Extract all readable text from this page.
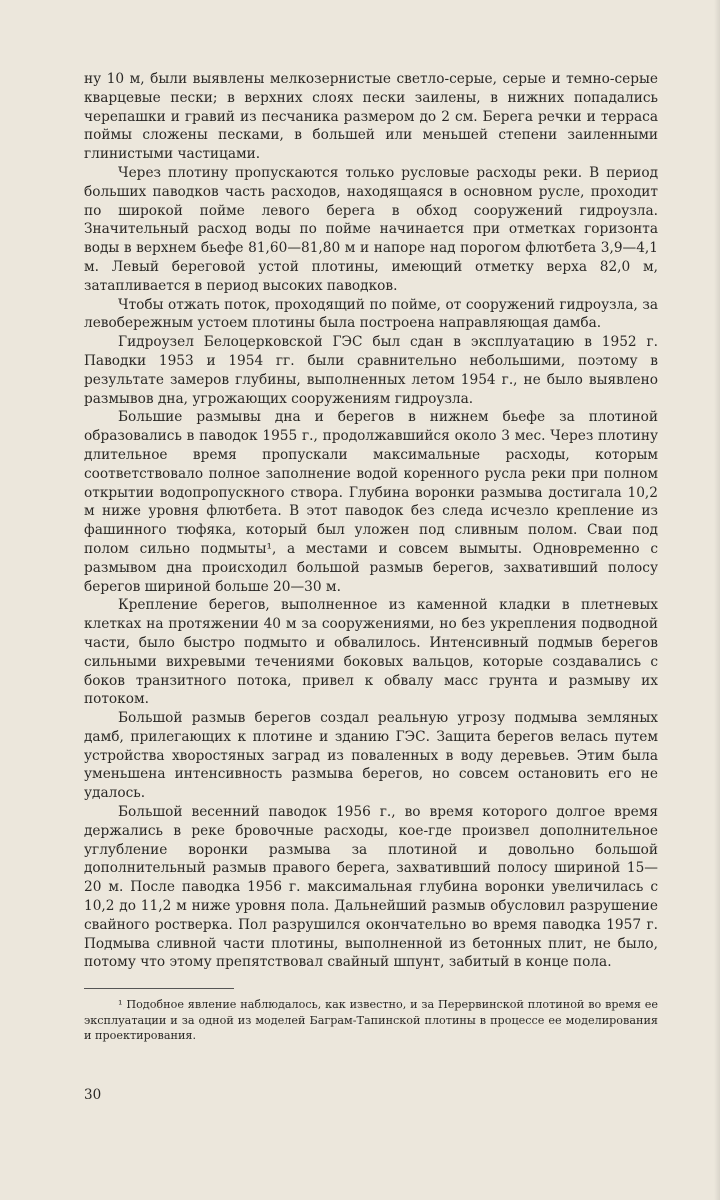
ну 10 м, были выявлены мелкозернистые светло-серые, серые и темно-серые кварцевые пески; в верхних слоях пески заилены, в нижних попадались черепашки и гравий из песчаника размером до 2 см. Берега речки и терраса поймы сложены песками, в большей или меньшей степени заиленными глинистыми частицами.

Через плотину пропускаются только русловые расходы реки. В период больших паводков часть расходов, находящаяся в основном русле, проходит по широкой пойме левого берега в обход сооружений гидроузла. Значительный расход воды по пойме начинается при отметках горизонта воды в верхнем бьефе 81,60—81,80 м и напоре над порогом флютбета 3,9—4,1 м. Левый береговой устой плотины, имеющий отметку верха 82,0 м, затапливается в период высоких паводков.

Чтобы отжать поток, проходящий по пойме, от сооружений гидроузла, за левобережным устоем плотины была построена направляющая дамба.

Гидроузел Белоцерковской ГЭС был сдан в эксплуатацию в 1952 г. Паводки 1953 и 1954 гг. были сравнительно небольшими, поэтому в результате замеров глубины, выполненных летом 1954 г., не было выявлено размывов дна, угрожающих сооружениям гидроузла.

Большие размывы дна и берегов в нижнем бьефе за плотиной образовались в паводок 1955 г., продолжавшийся около 3 мес. Через плотину длительное время пропускали максимальные расходы, которым соответствовало полное заполнение водой коренного русла реки при полном открытии водопропускного створа. Глубина воронки размыва достигала 10,2 м ниже уровня флютбета. В этот паводок без следа исчезло крепление из фашинного тюфяка, который был уложен под сливным полом. Сваи под полом сильно подмыты¹, а местами и совсем вымыты. Одновременно с размывом дна происходил большой размыв берегов, захвативший полосу берегов шириной больше 20—30 м.

Крепление берегов, выполненное из каменной кладки в плетневых клетках на протяжении 40 м за сооружениями, но без укрепления подводной части, было быстро подмыто и обвалилось. Интенсивный подмыв берегов сильными вихревыми течениями боковых вальцов, которые создавались с боков транзитного потока, привел к обвалу масс грунта и размыву их потоком.

Большой размыв берегов создал реальную угрозу подмыва земляных дамб, прилегающих к плотине и зданию ГЭС. Защита берегов велась путем устройства хворостяных заград из поваленных в воду деревьев. Этим была уменьшена интенсивность размыва берегов, но совсем остановить его не удалось.

Большой весенний паводок 1956 г., во время которого долгое время держались в реке бровочные расходы, кое-где произвел дополнительное углубление воронки размыва за плотиной и довольно большой дополнительный размыв правого берега, захвативший полосу шириной 15—20 м. После паводка 1956 г. максимальная глубина воронки увеличилась с 10,2 до 11,2 м ниже уровня пола. Дальнейший размыв обусловил разрушение свайного ростверка. Пол разрушился окончательно во время паводка 1957 г. Подмыва сливной части плотины, выполненной из бетонных плит, не было, потому что этому препятствовал свайный шпунт, забитый в конце пола.

¹ Подобное явление наблюдалось, как известно, и за Перервинской плотиной во время ее эксплуатации и за одной из моделей Баграм-Тапинской плотины в процессе ее моделирования и проектирования.

30
